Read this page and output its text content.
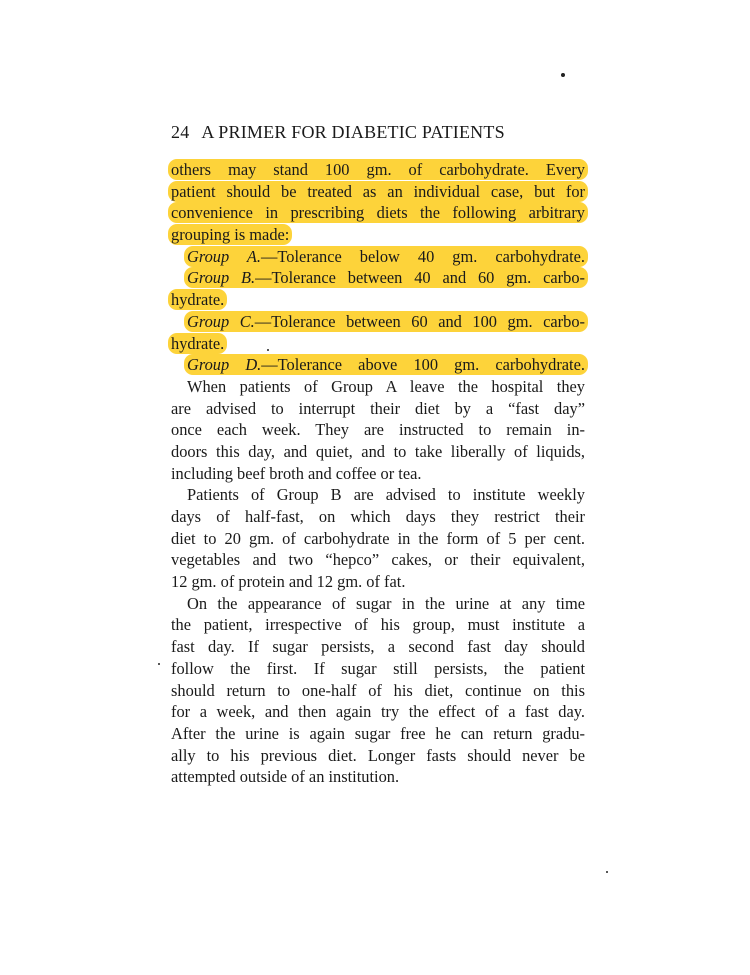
24 A PRIMER FOR DIABETIC PATIENTS
others may stand 100 gm. of carbohydrate. Every
patient should be treated as an individual case, but for
convenience in prescribing diets the following arbitrary
grouping is made:
Group A.—Tolerance below 40 gm. carbohydrate.
Group B.—Tolerance between 40 and 60 gm. carbo-
hydrate.
Group C.—Tolerance between 60 and 100 gm. carbo-
hydrate.
Group D.—Tolerance above 100 gm. carbohydrate.
When patients of Group A leave the hospital they
are advised to interrupt their diet by a “fast day”
once each week. They are instructed to remain in-
doors this day, and quiet, and to take liberally of liquids,
including beef broth and coffee or tea.
Patients of Group B are advised to institute weekly
days of half-fast, on which days they restrict their
diet to 20 gm. of carbohydrate in the form of 5 per cent.
vegetables and two “hepco” cakes, or their equivalent,
12 gm. of protein and 12 gm. of fat.
On the appearance of sugar in the urine at any time
the patient, irrespective of his group, must institute a
fast day. If sugar persists, a second fast day should
follow the first. If sugar still persists, the patient
should return to one-half of his diet, continue on this
for a week, and then again try the effect of a fast day.
After the urine is again sugar free he can return gradu-
ally to his previous diet. Longer fasts should never be
attempted outside of an institution.
